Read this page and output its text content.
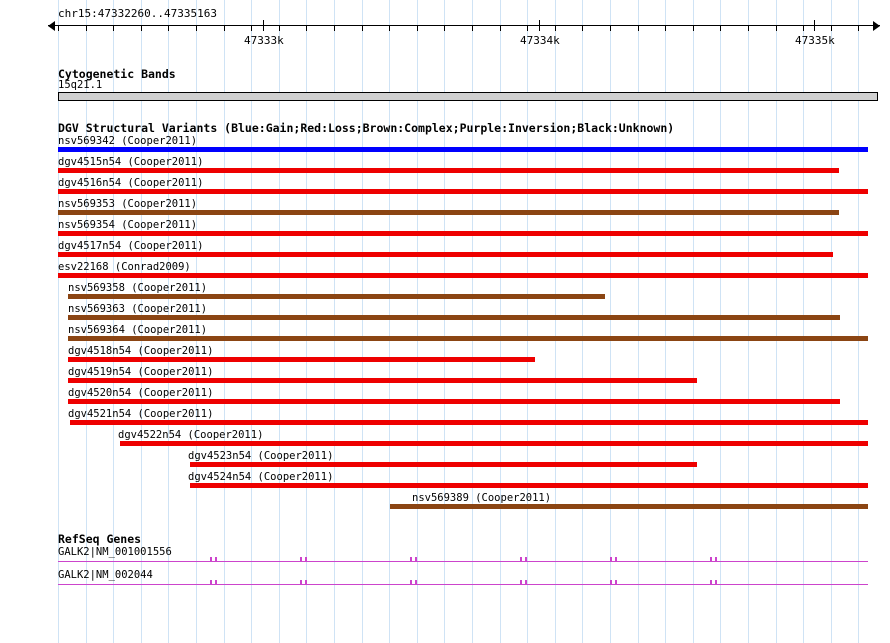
chr15:47332260..47335163
47333k	47334k	47335k
Cytogenetic Bands
15q21.1
DGV Structural Variants (Blue:Gain;Red:Loss;Brown:Complex;Purple:Inversion;Black:Unknown)
nsv569342 (Cooper2011)
dgv4515n54 (Cooper2011)
dgv4516n54 (Cooper2011)
nsv569353 (Cooper2011)
nsv569354 (Cooper2011)
dgv4517n54 (Cooper2011)
esv22168 (Conrad2009)
nsv569358 (Cooper2011)
nsv569363 (Cooper2011)
nsv569364 (Cooper2011)
dgv4518n54 (Cooper2011)
dgv4519n54 (Cooper2011)
dgv4520n54 (Cooper2011)
dgv4521n54 (Cooper2011)
dgv4522n54 (Cooper2011)
dgv4523n54 (Cooper2011)
dgv4524n54 (Cooper2011)
nsv569389 (Cooper2011)
RefSeq Genes
GALK2|NM_001001556
GALK2|NM_002044
